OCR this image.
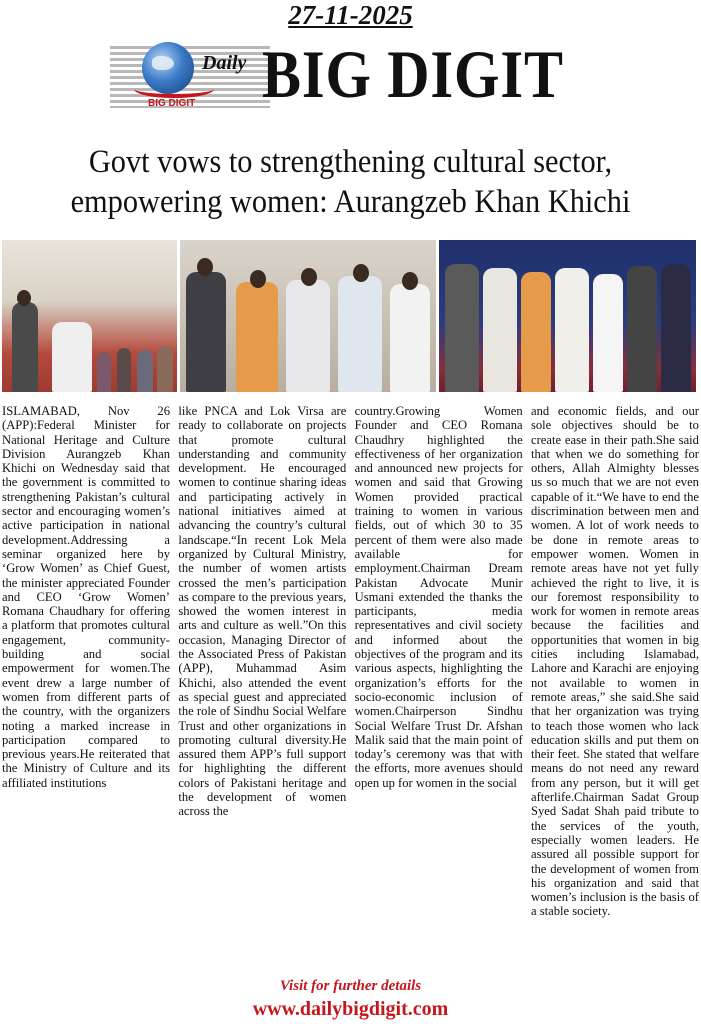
27-11-2025
Daily
BIG DIGIT BIG DIGIT
Govt vows to strengthening cultural sector, empowering women: Aurangzeb Khan Khichi
ISLAMABAD, Nov 26 (APP):Federal Minister for National Heritage and Culture Division Aurangzeb Khan Khichi on Wednesday said that the government is committed to strengthening Pakistan’s cultural sector and encouraging women’s active participation in national development.Addressing a seminar organized here by ‘Grow Women’ as Chief Guest, the minister appreciated Founder and CEO ‘Grow Women’ Romana Chaudhary for offering a platform that promotes cultural engagement, community-building and social empowerment for women.The event drew a large number of women from different parts of the country, with the organizers noting a marked increase in participation compared to previous years.He reiterated that the Ministry of Culture and its affiliated institutions
like PNCA and Lok Virsa are ready to collaborate on projects that promote cultural understanding and community development. He encouraged women to continue sharing ideas and participating actively in national initiatives aimed at advancing the country’s cultural landscape.“In recent Lok Mela organized by Cultural Ministry, the number of women artists crossed the men’s participation as compare to the previous years, showed the women interest in arts and culture as well.”On this occasion, Managing Director of the Associated Press of Pakistan (APP), Muhammad Asim Khichi, also attended the event as special guest and appreciated the role of Sindhu Social Welfare Trust and other organizations in promoting cultural diversity.He assured them APP’s full support for highlighting the different colors of Pakistani heritage and the development of women across the
country.Growing Women Founder and CEO Romana Chaudhry highlighted the effectiveness of her organization and announced new projects for women and said that Growing Women provided practical training to women in various fields, out of which 30 to 35 percent of them were also made available for employment.Chairman Dream Pakistan Advocate Munir Usmani extended the thanks the participants, media representatives and civil society and informed about the objectives of the program and its various aspects, highlighting the organization’s efforts for the socio-economic inclusion of women.Chairperson Sindhu Social Welfare Trust Dr. Afshan Malik said that the main point of today’s ceremony was that with the efforts, more avenues should open up for women in the social
and economic fields, and our sole objectives should be to create ease in their path.She said that when we do something for others, Allah Almighty blesses us so much that we are not even capable of it.“We have to end the discrimination between men and women. A lot of work needs to be done in remote areas to empower women. Women in remote areas have not yet fully achieved the right to live, it is our foremost responsibility to work for women in remote areas because the facilities and opportunities that women in big cities including Islamabad, Lahore and Karachi are enjoying not available to women in remote areas,” she said.She said that her organization was trying to teach those women who lack education skills and put them on their feet. She stated that welfare means do not need any reward from any person, but it will get afterlife.Chairman Sadat Group Syed Sadat Shah paid tribute to the services of the youth, especially women leaders. He assured all possible support for the development of women from his organization and said that women’s inclusion is the basis of a stable society.
Visit for further details
www.dailybigdigit.com
